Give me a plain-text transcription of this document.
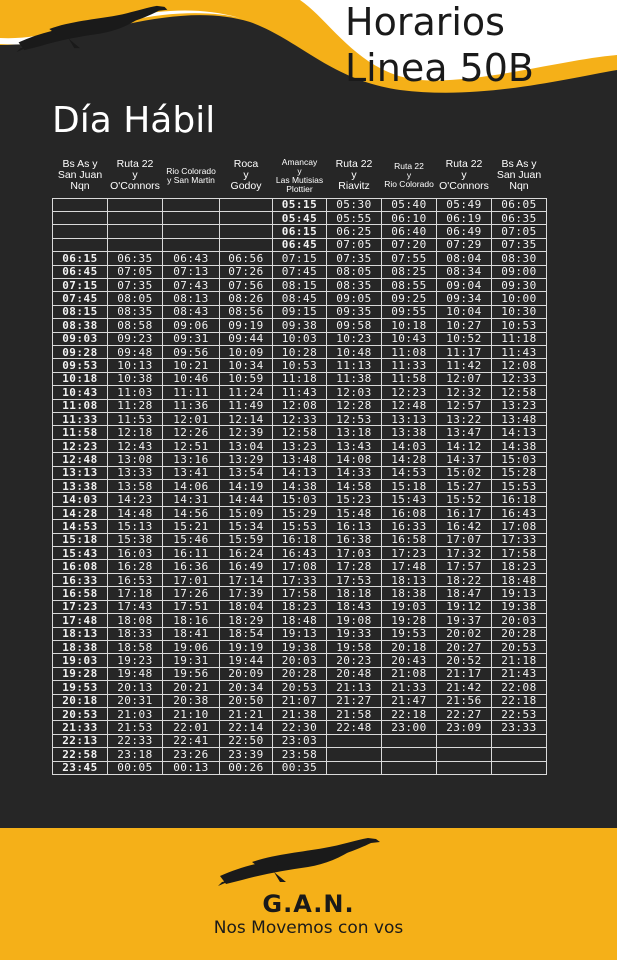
Horarios
Linea 50B
Día Hábil
Bs As y
San Juan
Nqn	Ruta 22
y
O'Connors	Rio Colorado
y San Martin	Roca
y
Godoy	Amancay
y
Las Mutisias
Plottier	Ruta 22
y
Riavitz	Ruta 22
y
Rio Colorado	Ruta 22
y
O'Connors	Bs As y
San Juan
Nqn
				05:15	05:30	05:40	05:49	06:05
				05:45	05:55	06:10	06:19	06:35
				06:15	06:25	06:40	06:49	07:05
				06:45	07:05	07:20	07:29	07:35
06:15	06:35	06:43	06:56	07:15	07:35	07:55	08:04	08:30
06:45	07:05	07:13	07:26	07:45	08:05	08:25	08:34	09:00
07:15	07:35	07:43	07:56	08:15	08:35	08:55	09:04	09:30
07:45	08:05	08:13	08:26	08:45	09:05	09:25	09:34	10:00
08:15	08:35	08:43	08:56	09:15	09:35	09:55	10:04	10:30
08:38	08:58	09:06	09:19	09:38	09:58	10:18	10:27	10:53
09:03	09:23	09:31	09:44	10:03	10:23	10:43	10:52	11:18
09:28	09:48	09:56	10:09	10:28	10:48	11:08	11:17	11:43
09:53	10:13	10:21	10:34	10:53	11:13	11:33	11:42	12:08
10:18	10:38	10:46	10:59	11:18	11:38	11:58	12:07	12:33
10:43	11:03	11:11	11:24	11:43	12:03	12:23	12:32	12:58
11:08	11:28	11:36	11:49	12:08	12:28	12:48	12:57	13:23
11:33	11:53	12:01	12:14	12:33	12:53	13:13	13:22	13:48
11:58	12:18	12:26	12:39	12:58	13:18	13:38	13:47	14:13
12:23	12:43	12:51	13:04	13:23	13:43	14:03	14:12	14:38
12:48	13:08	13:16	13:29	13:48	14:08	14:28	14:37	15:03
13:13	13:33	13:41	13:54	14:13	14:33	14:53	15:02	15:28
13:38	13:58	14:06	14:19	14:38	14:58	15:18	15:27	15:53
14:03	14:23	14:31	14:44	15:03	15:23	15:43	15:52	16:18
14:28	14:48	14:56	15:09	15:29	15:48	16:08	16:17	16:43
14:53	15:13	15:21	15:34	15:53	16:13	16:33	16:42	17:08
15:18	15:38	15:46	15:59	16:18	16:38	16:58	17:07	17:33
15:43	16:03	16:11	16:24	16:43	17:03	17:23	17:32	17:58
16:08	16:28	16:36	16:49	17:08	17:28	17:48	17:57	18:23
16:33	16:53	17:01	17:14	17:33	17:53	18:13	18:22	18:48
16:58	17:18	17:26	17:39	17:58	18:18	18:38	18:47	19:13
17:23	17:43	17:51	18:04	18:23	18:43	19:03	19:12	19:38
17:48	18:08	18:16	18:29	18:48	19:08	19:28	19:37	20:03
18:13	18:33	18:41	18:54	19:13	19:33	19:53	20:02	20:28
18:38	18:58	19:06	19:19	19:38	19:58	20:18	20:27	20:53
19:03	19:23	19:31	19:44	20:03	20:23	20:43	20:52	21:18
19:28	19:48	19:56	20:09	20:28	20:48	21:08	21:17	21:43
19:53	20:13	20:21	20:34	20:53	21:13	21:33	21:42	22:08
20:18	20:31	20:38	20:50	21:07	21:27	21:47	21:56	22:18
20:53	21:03	21:10	21:21	21:38	21:58	22:18	22:27	22:53
21:33	21:53	22:01	22:14	22:30	22:48	23:00	23:09	23:33
22:13	22:33	22:41	22:50	23:03				
22:58	23:18	23:26	23:39	23:58				
23:45	00:05	00:13	00:26	00:35				
G.A.N.
Nos Movemos con vos
